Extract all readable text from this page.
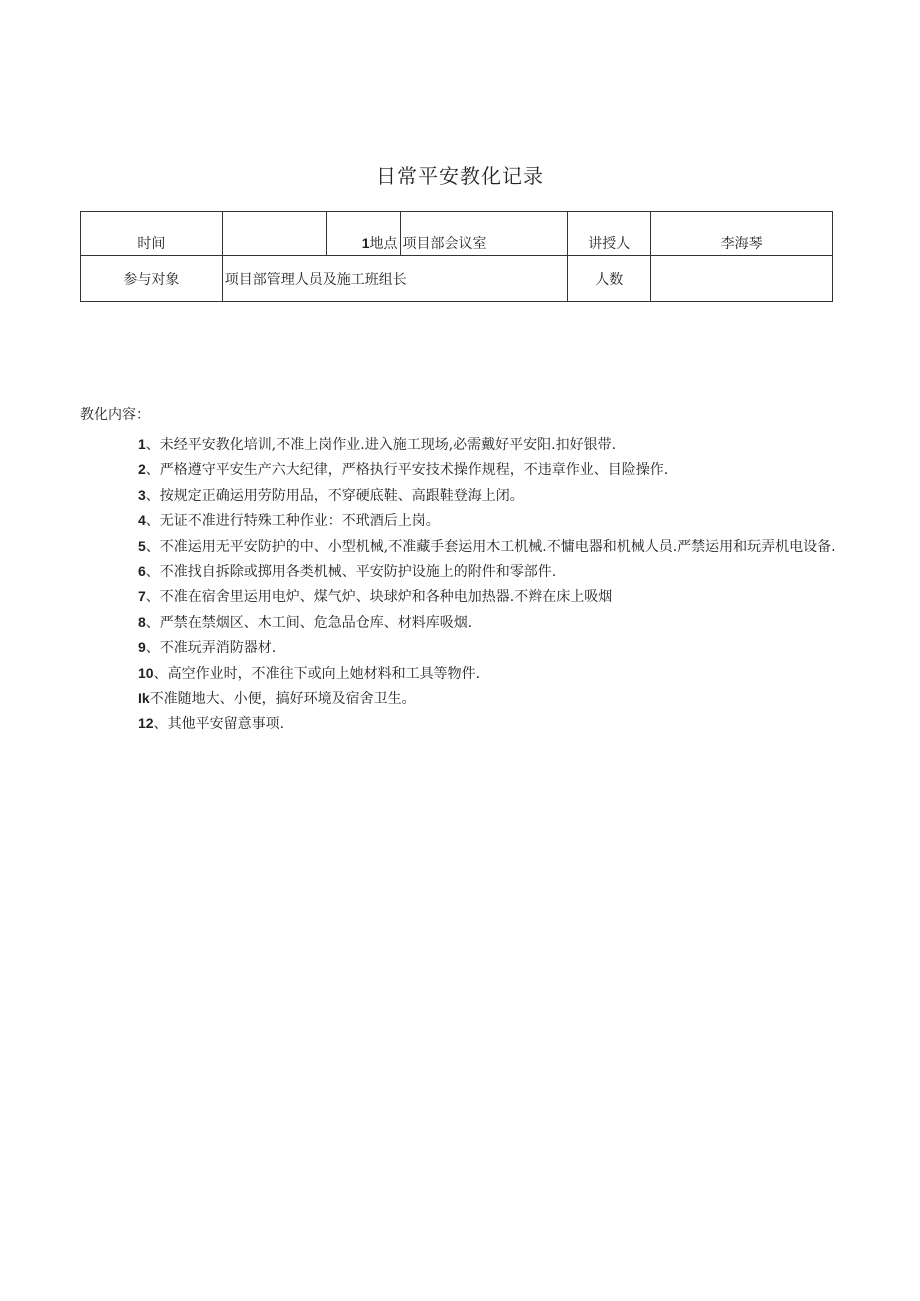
日常平安教化记录
时间		1地点	项目部会议室	讲授人	李海琴
参与对象	项目部管理人员及施工班组长			人数	

教化内容：

1、未经平安教化培训,不准上岗作业.进入施工现场,必需戴好平安阳.扣好银带.

2、严格遵守平安生产六大纪律，严格执行平安技术操作规程，不违章作业、目险操作.

3、按规定正确运用劳防用品，不穿硬底鞋、高跟鞋登海上闭。

4、无证不准进行特殊工种作业：不玳酒后上岗。

5、不准运用无平安防护的中、小型机械,不准藏手套运用木工机械.不慵电器和机械人员.严禁运用和玩弄机电设备.

6、不准找自拆除或掷用各类机械、平安防护设施上的附件和零部件.

7、不准在宿舍里运用电炉、煤气炉、块球炉和各种电加热器.不辫在床上吸烟

8、严禁在禁烟区、木工间、危急品仓库、材料库吸烟.

9、不准玩弄消防器材.

10、高空作业时，不准往下或向上她材料和工具等物件.

Ik不准随地大、小便，搞好环境及宿舍卫生。

12、其他平安留意事项.
